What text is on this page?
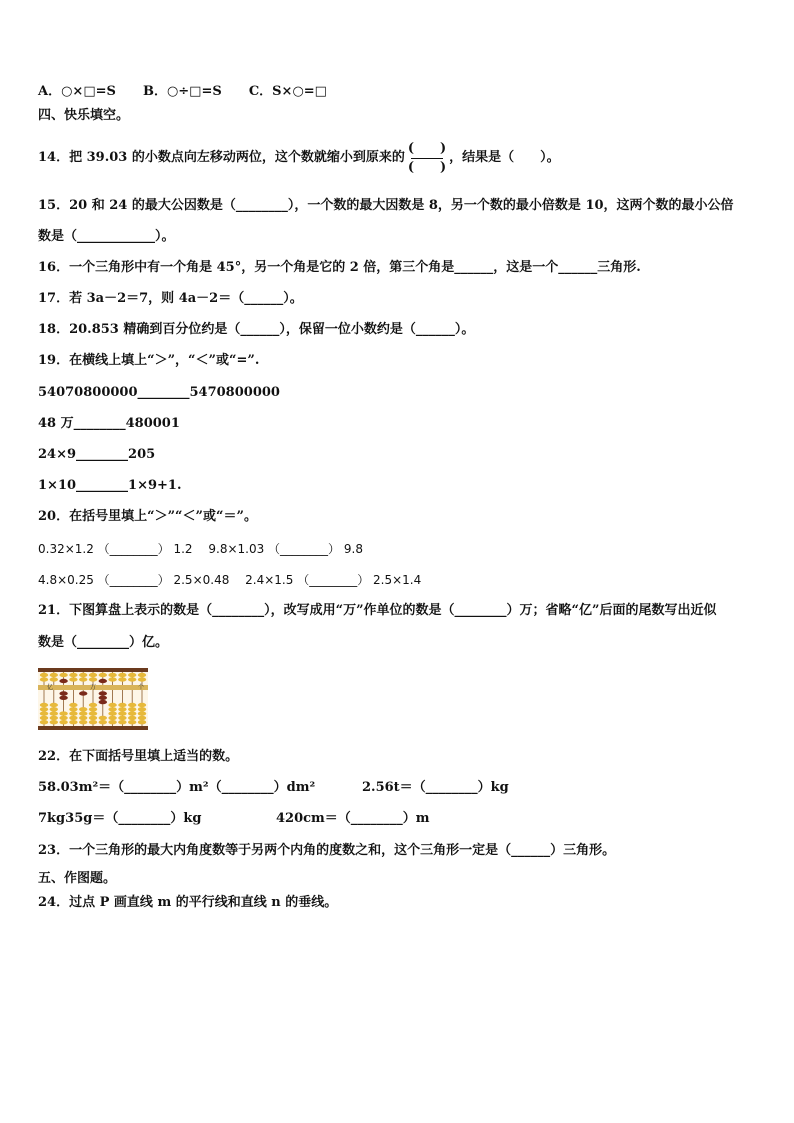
A．○×□=S B．○÷□=S C．S×○=□
四、快乐填空。
14．把 39.03 的小数点向左移动两位，这个数就缩小到原来的 $\frac{( )}{( )}$ ，结果是（　　）。
15．20 和 24 的最大公因数是（________），一个数的最大因数是 8，另一个数的最小倍数是 10，这两个数的最小公倍
数是（____________）。
16．一个三角形中有一个角是 45°，另一个角是它的 2 倍，第三个角是______，这是一个______三角形.
17．若 3a－2＝7，则 4a－2＝（______）。
18．20.853 精确到百分位约是（______），保留一位小数约是（______）。
19．在横线上填上“＞”，“＜”或“=”.
54070800000________5470800000
48 万________480001
24×9________205
1×10________1×9+1.
20．在括号里填上“＞”“＜”或“＝”。
0.32×1.2 （________） 1.2　 9.8×1.03 （________） 9.8
4.8×0.25 （________） 2.5×0.48　 2.4×1.5 （________） 2.5×1.4
21．下图算盘上表示的数是（________），改写成用“万”作单位的数是（________）万；省略“亿”后面的尾数写出近似
数是（________）亿。
亿	万	个
22．在下面括号里填上适当的数。
58.03m²＝（________）m²（________）dm²	2.56t＝（________）kg
7kg35g＝（________）kg	420cm＝（________）m
23．一个三角形的最大内角度数等于另两个内角的度数之和，这个三角形一定是（______）三角形。
五、作图题。
24．过点 P 画直线 m 的平行线和直线 n 的垂线。
